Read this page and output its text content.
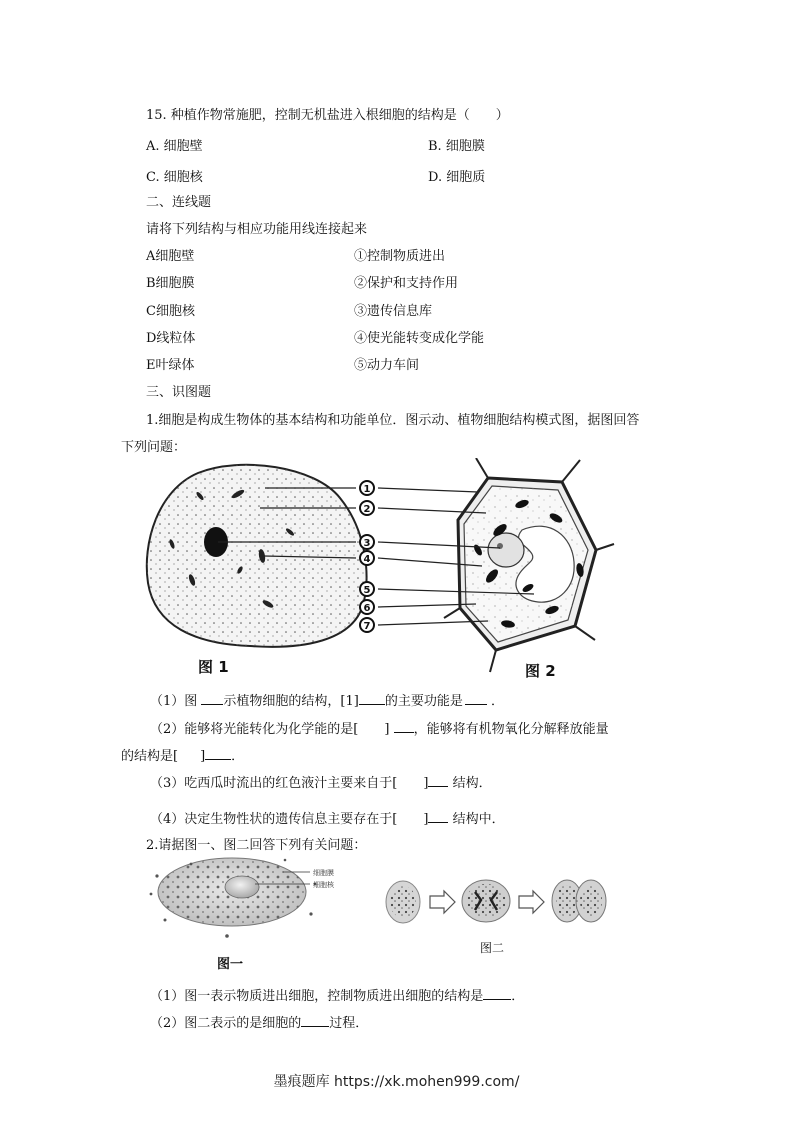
15. 种植作物常施肥，控制无机盐进入根细胞的结构是（　　）
A. 细胞壁	B. 细胞膜
C. 细胞核	D. 细胞质
二、连线题
请将下列结构与相应功能用线连接起来
A细胞壁	①控制物质进出
B细胞膜	②保护和支持作用
C细胞核	③遗传信息库
D线粒体	④使光能转变成化学能
E叶绿体	⑤动力车间
三、识图题
1.细胞是构成生物体的基本结构和功能单位．图示动、植物细胞结构模式图，据图回答
下列问题：
1
2
3
4
5
6
7
图 1	图 2
（1）图 示植物细胞的结构，[1] 的主要功能是 ．
（2）能够将光能转化为化学能的是[ ] ，能够将有机物氧化分解释放能量
的结构是[ ] ．
（3）吃西瓜时流出的红色液汁主要来自于[ ] 结构．
（4）决定生物性状的遗传信息主要存在于[ ] 结构中．
2.请据图一、图二回答下列有关问题：
细胞膜
细胞核
图一
图二
（1）图一表示物质进出细胞，控制物质进出细胞的结构是 ．
（2）图二表示的是细胞的 过程．
墨痕题库 https://xk.mohen999.com/
